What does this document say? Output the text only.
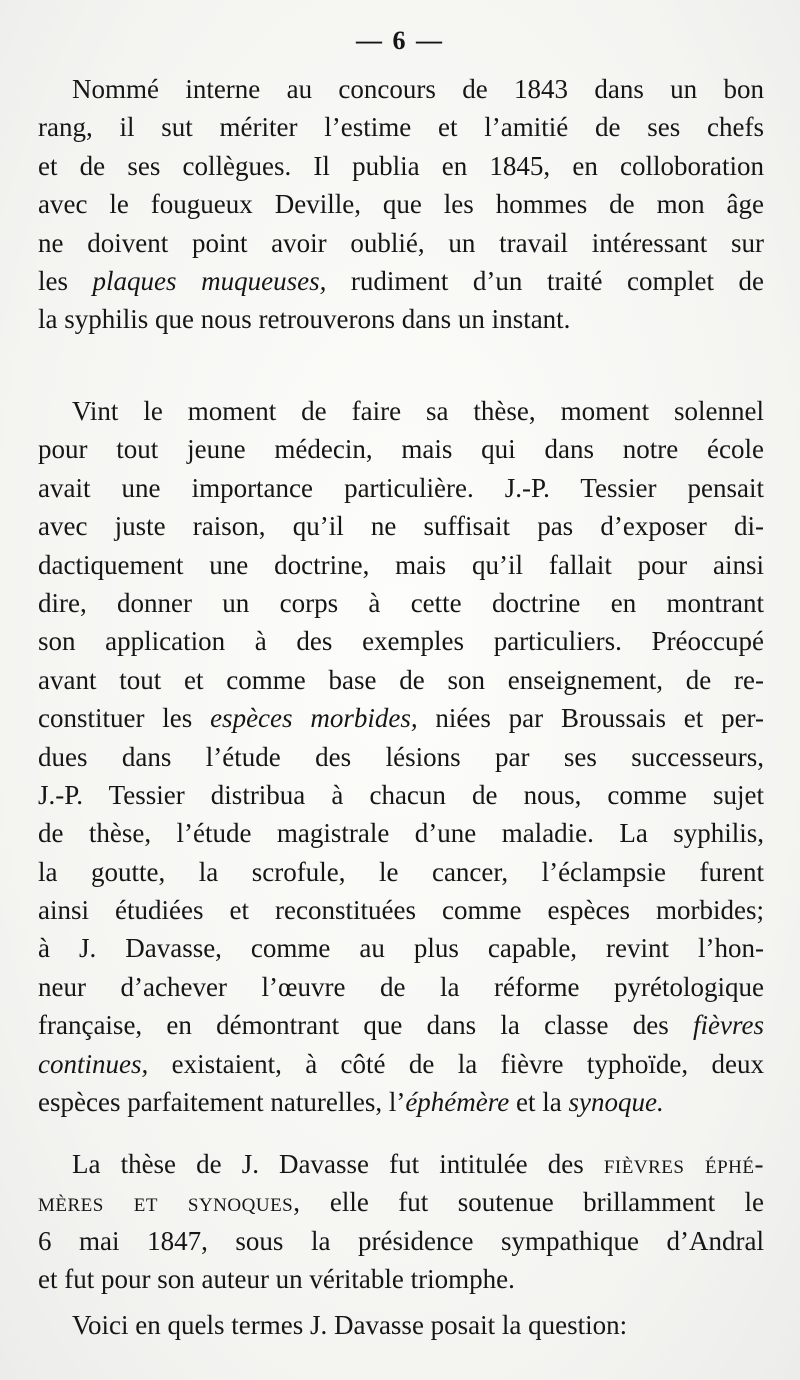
— 6 —
Nommé interne au concours de 1843 dans un bon
rang, il sut mériter l’estime et l’amitié de ses chefs
et de ses collègues. Il publia en 1845, en colloboration
avec le fougueux Deville, que les hommes de mon âge
ne doivent point avoir oublié, un travail intéressant sur
les plaques muqueuses, rudiment d’un traité complet de
la syphilis que nous retrouverons dans un instant.
Vint le moment de faire sa thèse, moment solennel
pour tout jeune médecin, mais qui dans notre école
avait une importance particulière. J.-P. Tessier pensait
avec juste raison, qu’il ne suffisait pas d’exposer di-
dactiquement une doctrine, mais qu’il fallait pour ainsi
dire, donner un corps à cette doctrine en montrant
son application à des exemples particuliers. Préoccupé
avant tout et comme base de son enseignement, de re-
constituer les espèces morbides, niées par Broussais et per-
dues dans l’étude des lésions par ses successeurs,
J.-P. Tessier distribua à chacun de nous, comme sujet
de thèse, l’étude magistrale d’une maladie. La syphilis,
la goutte, la scrofule, le cancer, l’éclampsie furent
ainsi étudiées et reconstituées comme espèces morbides;
à J. Davasse, comme au plus capable, revint l’hon-
neur d’achever l’œuvre de la réforme pyrétologique
française, en démontrant que dans la classe des fièvres
continues, existaient, à côté de la fièvre typhoïde, deux
espèces parfaitement naturelles, l’éphémère et la synoque.
La thèse de J. Davasse fut intitulée des fièvres éphé-
mères et synoques, elle fut soutenue brillamment le
6 mai 1847, sous la présidence sympathique d’Andral
et fut pour son auteur un véritable triomphe.
Voici en quels termes J. Davasse posait la question:
